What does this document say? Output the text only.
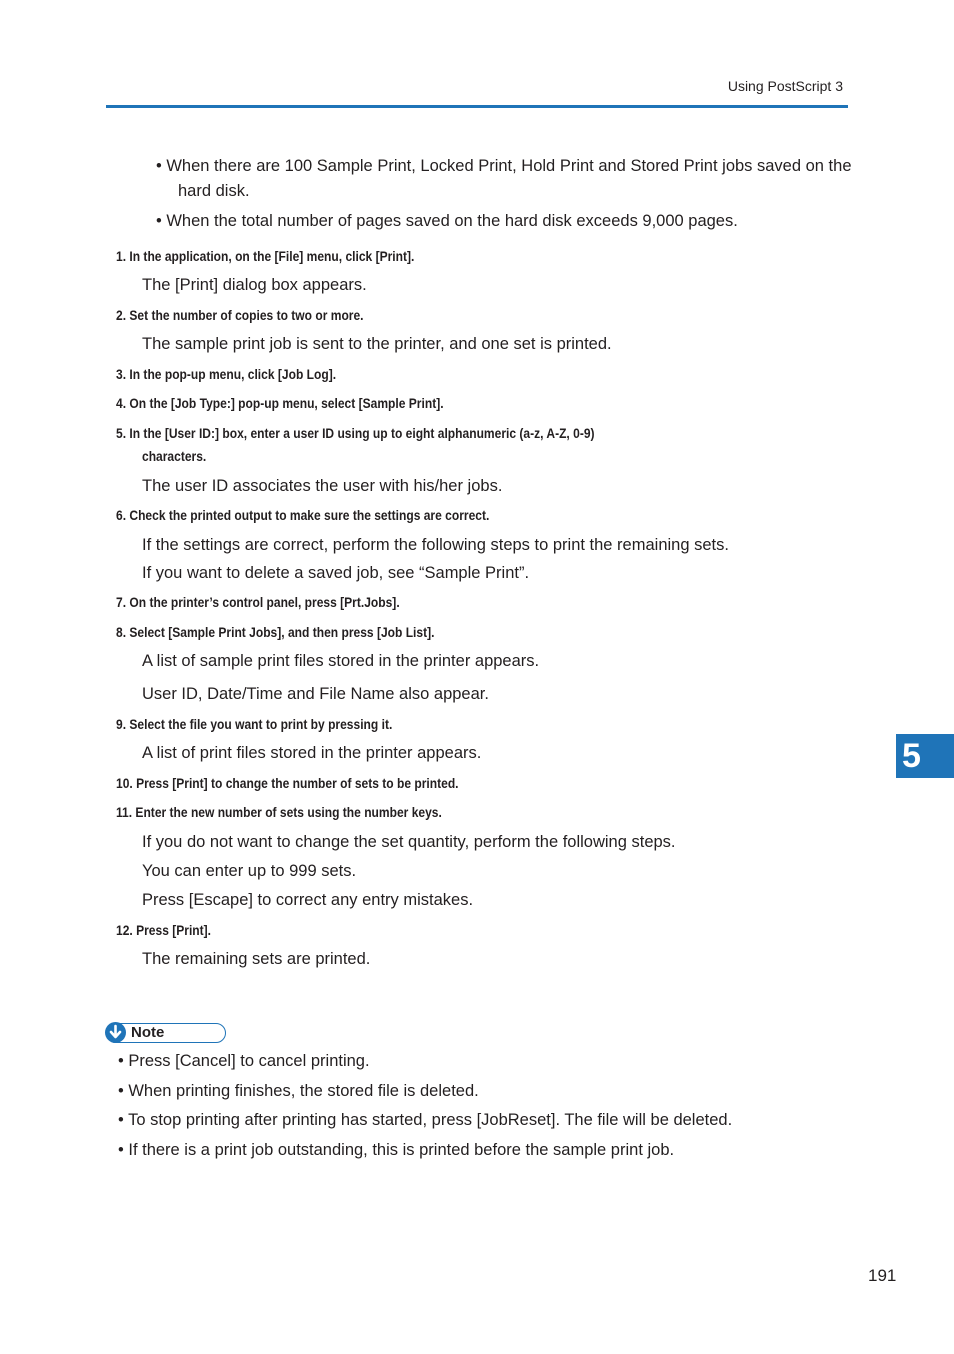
Using PostScript 3
• When there are 100 Sample Print, Locked Print, Hold Print and Stored Print jobs saved on the
hard disk.
• When the total number of pages saved on the hard disk exceeds 9,000 pages.
1. In the application, on the [File] menu, click [Print].
The [Print] dialog box appears.
2. Set the number of copies to two or more.
The sample print job is sent to the printer, and one set is printed.
3. In the pop-up menu, click [Job Log].
4. On the [Job Type:] pop-up menu, select [Sample Print].
5. In the [User ID:] box, enter a user ID using up to eight alphanumeric (a-z, A-Z, 0-9)
characters.
The user ID associates the user with his/her jobs.
6. Check the printed output to make sure the settings are correct.
If the settings are correct, perform the following steps to print the remaining sets.
If you want to delete a saved job, see “Sample Print”.
7. On the printer’s control panel, press [Prt.Jobs].
8. Select [Sample Print Jobs], and then press [Job List].
A list of sample print files stored in the printer appears.
User ID, Date/Time and File Name also appear.
9. Select the file you want to print by pressing it.
A list of print files stored in the printer appears.
10. Press [Print] to change the number of sets to be printed.
11. Enter the new number of sets using the number keys.
If you do not want to change the set quantity, perform the following steps.
You can enter up to 999 sets.
Press [Escape] to correct any entry mistakes.
12. Press [Print].
The remaining sets are printed.
Note
• Press [Cancel] to cancel printing.
• When printing finishes, the stored file is deleted.
• To stop printing after printing has started, press [JobReset]. The file will be deleted.
• If there is a print job outstanding, this is printed before the sample print job.
5
191
